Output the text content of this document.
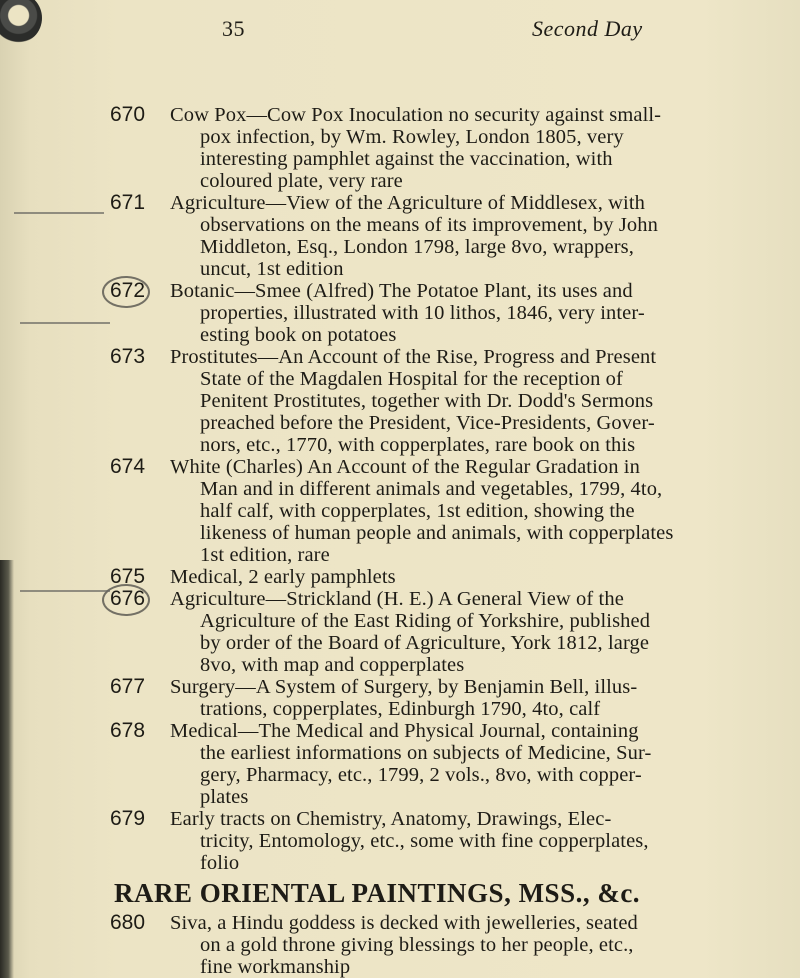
35	Second Day
670 Cow Pox—Cow Pox Inoculation no security against small-
pox infection, by Wm. Rowley, London 1805, very
interesting pamphlet against the vaccination, with
coloured plate, very rare
671 Agriculture—View of the Agriculture of Middlesex, with
observations on the means of its improvement, by John
Middleton, Esq., London 1798, large 8vo, wrappers,
uncut, 1st edition
672 Botanic—Smee (Alfred) The Potatoe Plant, its uses and
properties, illustrated with 10 lithos, 1846, very inter-
esting book on potatoes
673 Prostitutes—An Account of the Rise, Progress and Present
State of the Magdalen Hospital for the reception of
Penitent Prostitutes, together with Dr. Dodd's Sermons
preached before the President, Vice-Presidents, Gover-
nors, etc., 1770, with copperplates, rare book on this
674 White (Charles) An Account of the Regular Gradation in
Man and in different animals and vegetables, 1799, 4to,
half calf, with copperplates, 1st edition, showing the
likeness of human people and animals, with copperplates
1st edition, rare
675 Medical, 2 early pamphlets
676 Agriculture—Strickland (H. E.) A General View of the
Agriculture of the East Riding of Yorkshire, published
by order of the Board of Agriculture, York 1812, large
8vo, with map and copperplates
677 Surgery—A System of Surgery, by Benjamin Bell, illus-
trations, copperplates, Edinburgh 1790, 4to, calf
678 Medical—The Medical and Physical Journal, containing
the earliest informations on subjects of Medicine, Sur-
gery, Pharmacy, etc., 1799, 2 vols., 8vo, with copper-
plates
679 Early tracts on Chemistry, Anatomy, Drawings, Elec-
tricity, Entomology, etc., some with fine copperplates,
folio
RARE ORIENTAL PAINTINGS, MSS., &c.
680 Siva, a Hindu goddess is decked with jewelleries, seated
on a gold throne giving blessings to her people, etc.,
fine workmanship
